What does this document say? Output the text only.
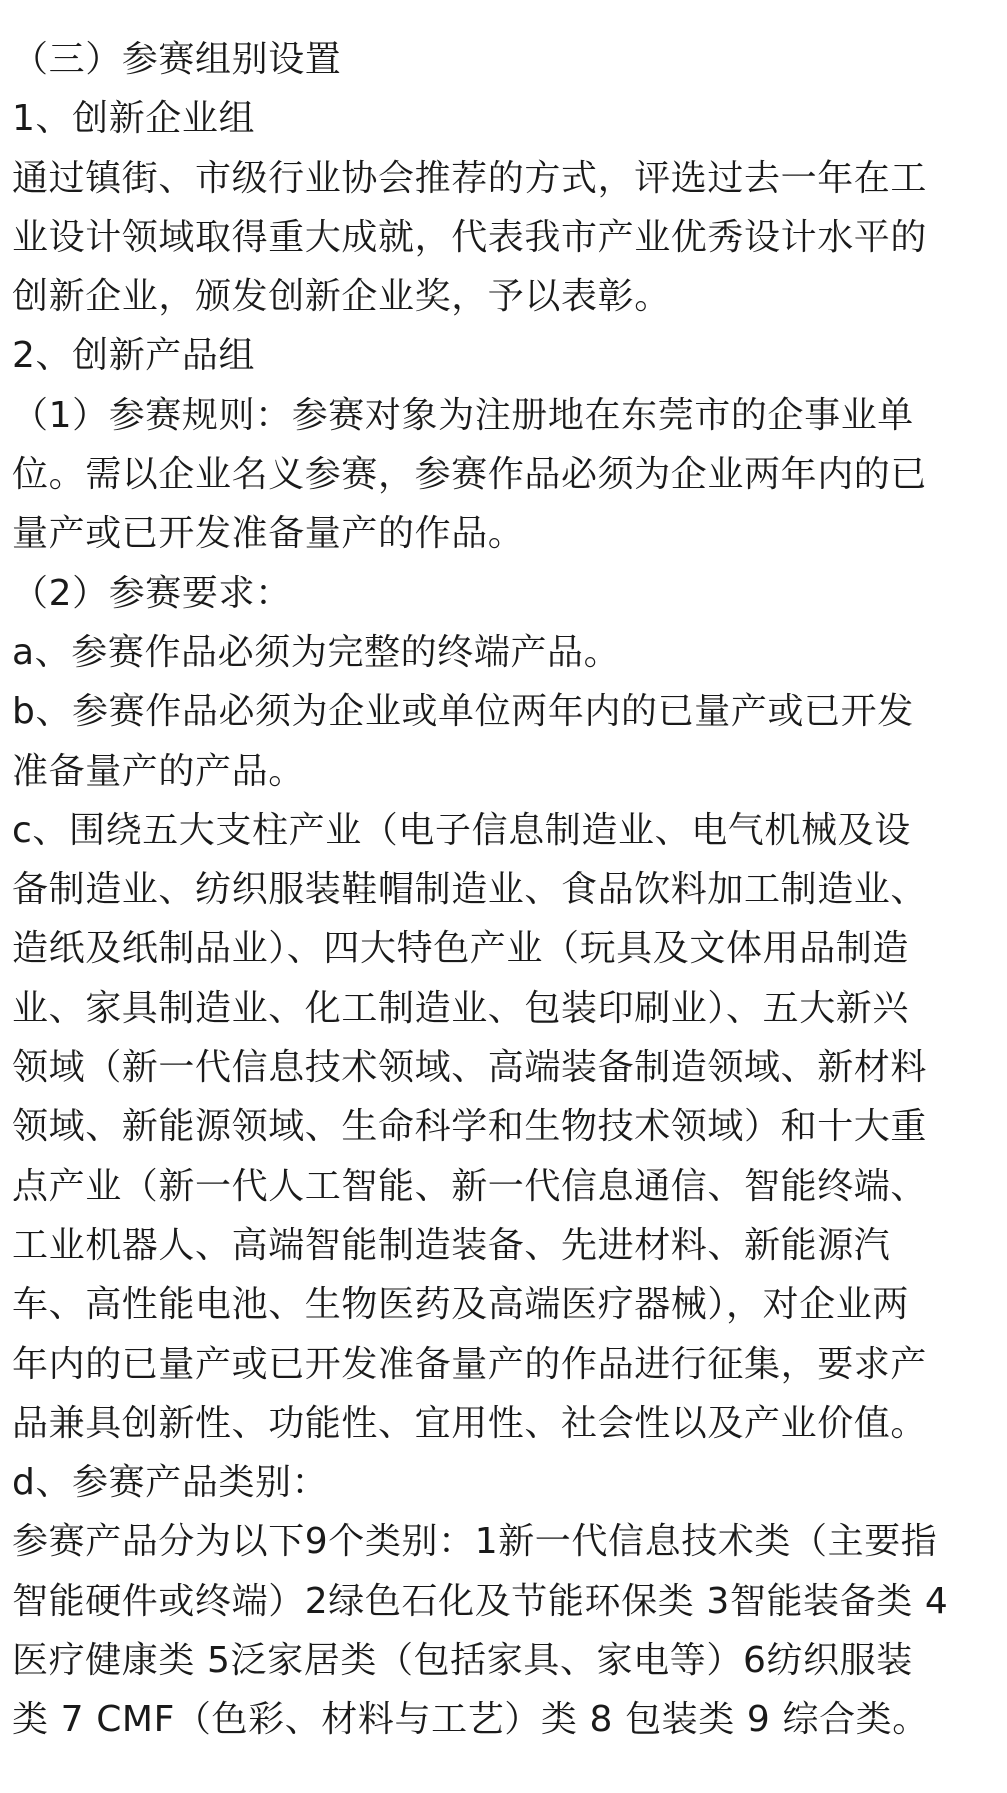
（三）参赛组别设置

1、创新企业组

通过镇街、市级行业协会推荐的方式，评选过去一年在工

业设计领域取得重大成就，代表我市产业优秀设计水平的

创新企业，颁发创新企业奖，予以表彰。

2、创新产品组

（1）参赛规则：参赛对象为注册地在东莞市的企事业单

位。需以企业名义参赛，参赛作品必须为企业两年内的已

量产或已开发准备量产的作品。

（2）参赛要求：

a、参赛作品必须为完整的终端产品。

b、参赛作品必须为企业或单位两年内的已量产或已开发

准备量产的产品。

c、围绕五大支柱产业（电子信息制造业、电气机械及设

备制造业、纺织服装鞋帽制造业、食品饮料加工制造业、

造纸及纸制品业）、四大特色产业（玩具及文体用品制造

业、家具制造业、化工制造业、包装印刷业）、五大新兴

领域（新一代信息技术领域、高端装备制造领域、新材料

领域、新能源领域、生命科学和生物技术领域）和十大重

点产业（新一代人工智能、新一代信息通信、智能终端、

工业机器人、高端智能制造装备、先进材料、新能源汽

车、高性能电池、生物医药及高端医疗器械），对企业两

年内的已量产或已开发准备量产的作品进行征集，要求产

品兼具创新性、功能性、宜用性、社会性以及产业价值。

d、参赛产品类别：

参赛产品分为以下9个类别：1新一代信息技术类（主要指

智能硬件或终端）2绿色石化及节能环保类 3智能装备类 4

医疗健康类 5泛家居类（包括家具、家电等）6纺织服装

类 7 CMF（色彩、材料与工艺）类 8 包装类 9 综合类。
